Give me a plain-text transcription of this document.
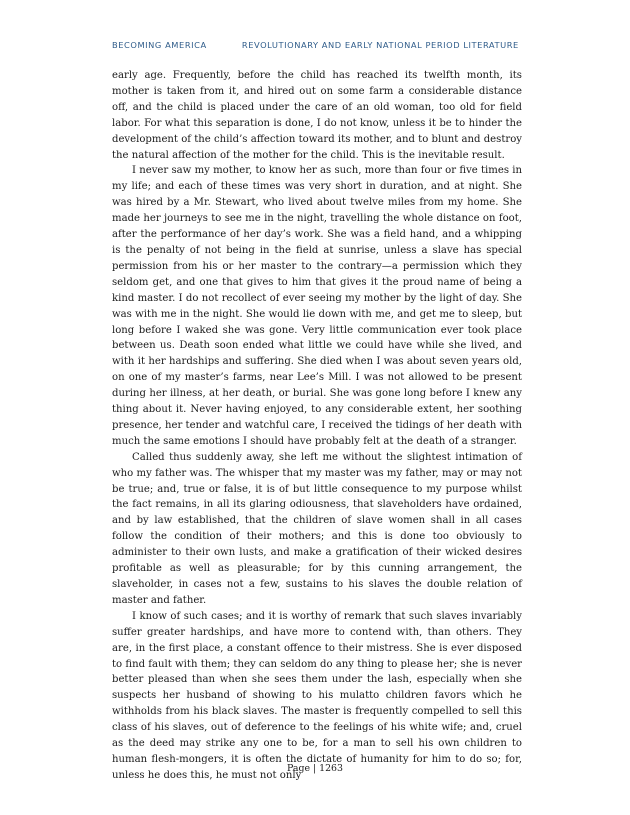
BECOMING AMERICA	REVOLUTIONARY AND EARLY NATIONAL PERIOD LITERATURE

early age. Frequently, before the child has reached its twelfth month, its mother is taken from it, and hired out on some farm a considerable distance off, and the child is placed under the care of an old woman, too old for field labor. For what this separation is done, I do not know, unless it be to hinder the development of the child’s affection toward its mother, and to blunt and destroy the natural affection of the mother for the child. This is the inevitable result.

I never saw my mother, to know her as such, more than four or five times in my life; and each of these times was very short in duration, and at night. She was hired by a Mr. Stewart, who lived about twelve miles from my home. She made her journeys to see me in the night, travelling the whole distance on foot, after the performance of her day’s work. She was a field hand, and a whipping is the penalty of not being in the field at sunrise, unless a slave has special permission from his or her master to the contrary—a permission which they seldom get, and one that gives to him that gives it the proud name of being a kind master. I do not recollect of ever seeing my mother by the light of day. She was with me in the night. She would lie down with me, and get me to sleep, but long before I waked she was gone. Very little communication ever took place between us. Death soon ended what little we could have while she lived, and with it her hardships and suffering. She died when I was about seven years old, on one of my master’s farms, near Lee’s Mill. I was not allowed to be present during her illness, at her death, or burial. She was gone long before I knew any thing about it. Never having enjoyed, to any considerable extent, her soothing presence, her tender and watchful care, I received the tidings of her death with much the same emotions I should have probably felt at the death of a stranger.

Called thus suddenly away, she left me without the slightest intimation of who my father was. The whisper that my master was my father, may or may not be true; and, true or false, it is of but little consequence to my purpose whilst the fact remains, in all its glaring odiousness, that slaveholders have ordained, and by law established, that the children of slave women shall in all cases follow the condition of their mothers; and this is done too obviously to administer to their own lusts, and make a gratification of their wicked desires profitable as well as pleasurable; for by this cunning arrangement, the slaveholder, in cases not a few, sustains to his slaves the double relation of master and father.

I know of such cases; and it is worthy of remark that such slaves invariably suffer greater hardships, and have more to contend with, than others. They are, in the first place, a constant offence to their mistress. She is ever disposed to find fault with them; they can seldom do any thing to please her; she is never better pleased than when she sees them under the lash, especially when she suspects her husband of showing to his mulatto children favors which he withholds from his black slaves. The master is frequently compelled to sell this class of his slaves, out of deference to the feelings of his white wife; and, cruel as the deed may strike any one to be, for a man to sell his own children to human flesh-mongers, it is often the dictate of humanity for him to do so; for, unless he does this, he must not only

Page | 1263
